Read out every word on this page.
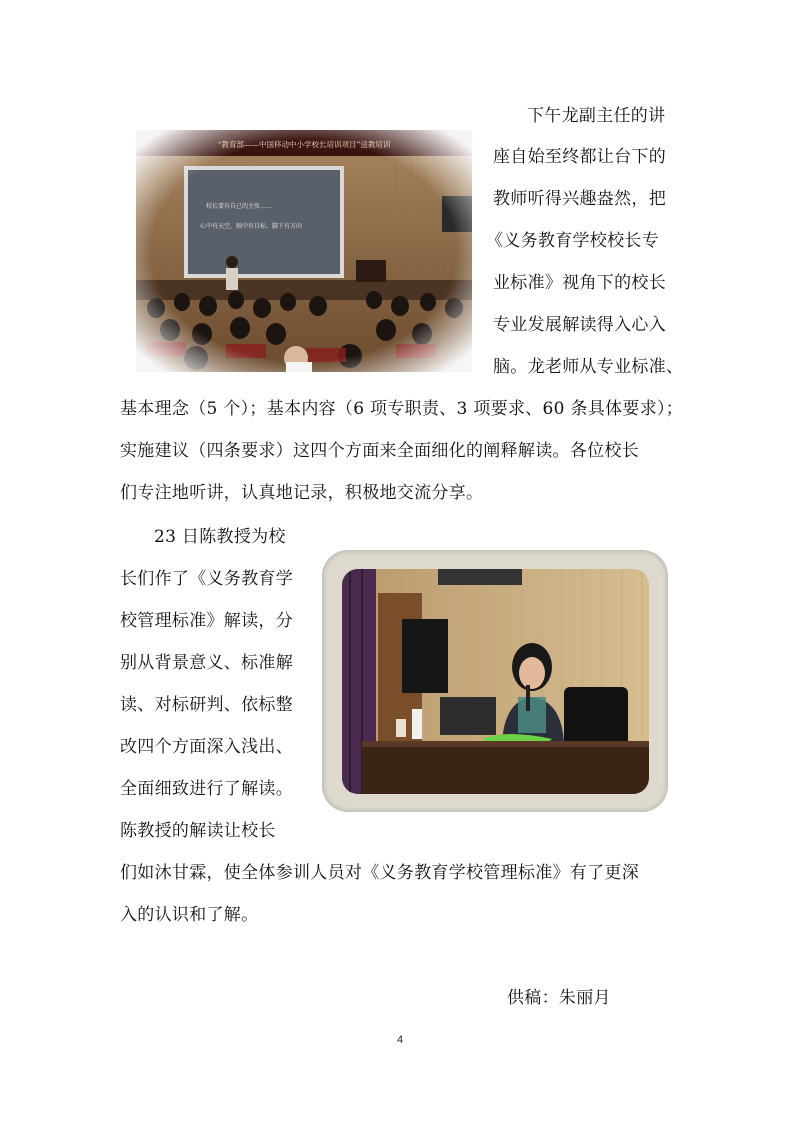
“教育部——中国移动中小学校长培训项目”送教培训
下午龙副主任的讲
座自始至终都让台下的
教师听得兴趣盎然，把
《义务教育学校校长专
业标准》视角下的校长
专业发展解读得入心入
脑。龙老师从专业标准、
基本理念（5 个）；基本内容（6 项专职责、3 项要求、60 条具体要求）；
实施建议（四条要求）这四个方面来全面细化的阐释解读。各位校长
们专注地听讲，认真地记录，积极地交流分享。
23 日陈教授为校
长们作了《义务教育学
校管理标准》解读，分
别从背景意义、标准解
读、对标研判、依标整
改四个方面深入浅出、
全面细致进行了解读。
陈教授的解读让校长
们如沐甘霖，使全体参训人员对《义务教育学校管理标准》有了更深
入的认识和了解。
供稿：朱丽月
4
